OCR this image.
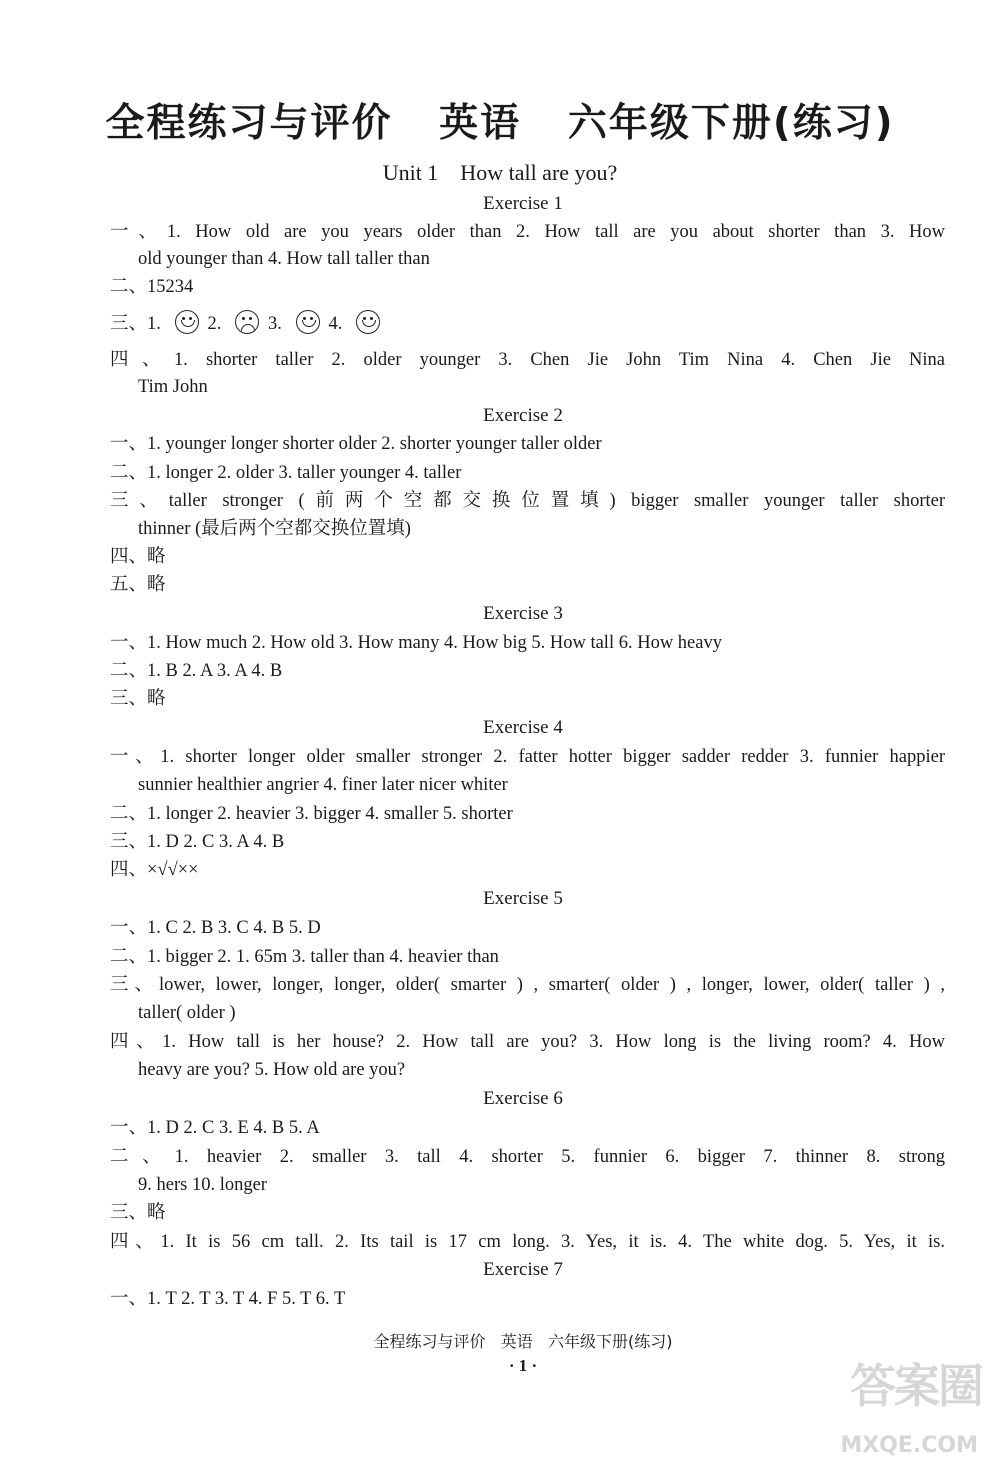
全程练习与评价   英语   六年级下册(练习)
Unit 1    How tall are you?
Exercise 1
一、1. How old are you years older than 2. How tall are you about shorter than 3. How
old younger than 4. How tall taller than
二、15234
三、1.	2.	3.	4.
四、1. shorter taller 2. older younger 3. Chen Jie John Tim Nina 4. Chen Jie Nina
Tim John
Exercise 2
一、1. younger longer shorter older 2. shorter younger taller older
二、1. longer 2. older 3. taller younger 4. taller
三、taller stronger (前两个空都交换位置填) bigger smaller younger taller shorter
thinner (最后两个空都交换位置填)
四、略
五、略
Exercise 3
一、1. How much 2. How old 3. How many 4. How big 5. How tall 6. How heavy
二、1. B 2. A 3. A 4. B
三、略
Exercise 4
一、1. shorter longer older smaller stronger 2. fatter hotter bigger sadder redder 3. funnier happier
sunnier healthier angrier 4. finer later nicer whiter
二、1. longer 2. heavier 3. bigger 4. smaller 5. shorter
三、1. D 2. C 3. A 4. B
四、×√√××
Exercise 5
一、1. C 2. B 3. C 4. B 5. D
二、1. bigger 2. 1. 65m 3. taller than 4. heavier than
三、lower, lower, longer, longer, older( smarter ) , smarter( older ) , longer, lower, older( taller ) ,
taller( older )
四、1. How tall is her house? 2. How tall are you? 3. How long is the living room? 4. How
heavy are you? 5. How old are you?
Exercise 6
一、1. D 2. C 3. E 4. B 5. A
二、1. heavier 2. smaller 3. tall 4. shorter 5. funnier 6. bigger 7. thinner 8. strong
9. hers 10. longer
三、略
四、1. It is 56 cm tall. 2. Its tail is 17 cm long. 3. Yes, it is. 4. The white dog. 5. Yes, it is.
Exercise 7
一、1. T 2. T 3. T 4. F 5. T 6. T
全程练习与评价   英语   六年级下册(练习)
· 1 ·	答案圈
MXQE.COM
